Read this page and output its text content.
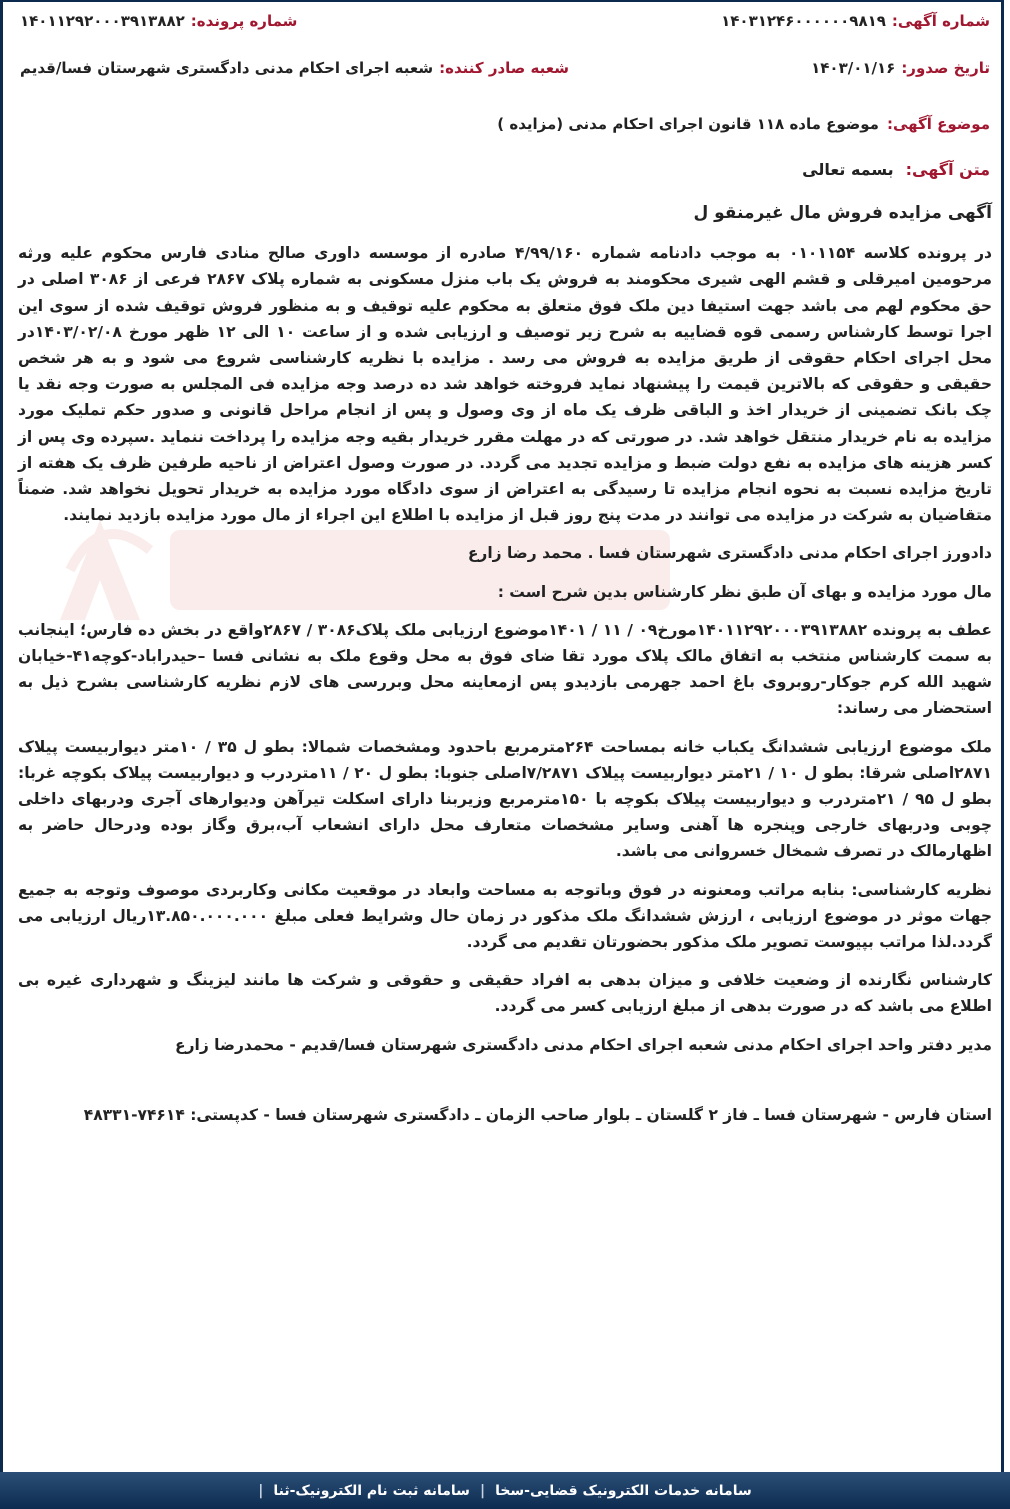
شماره آگهی:
۱۴۰۳۱۲۴۶۰۰۰۰۰۰۹۸۱۹
شماره پرونده:
۱۴۰۱۱۲۹۲۰۰۰۳۹۱۳۸۸۲
تاریخ صدور:
۱۴۰۳/۰۱/۱۶
شعبه صادر کننده:
شعبه اجرای احکام مدنی دادگستری شهرستان فسا/قدیم
موضوع آگهی:
موضوع ماده ۱۱۸ قانون اجرای احکام مدنی (مزایده )
متن آگهی:
بسمه تعالی

آگهی مزایده فروش مال غیرمنقو ل

در پرونده کلاسه ۰۱۰۱۱۵۴ به موجب دادنامه شماره ۴/۹۹/۱۶۰ صادره از موسسه داوری صالح منادی فارس محکوم علیه ورثه مرحومین امیرقلی و قشم الهی شیری محکومند به فروش یک باب منزل مسکونی به شماره پلاک ۲۸۶۷ فرعی از ۳۰۸۶ اصلی در حق محکوم لهم می باشد جهت استیفا دین ملک فوق متعلق به محکوم علیه توقیف و به منظور فروش توقیف شده از سوی این اجرا توسط کارشناس رسمی قوه قضاییه به شرح زیر توصیف و ارزیابی شده و از ساعت ۱۰ الی ۱۲ ظهر مورخ ۱۴۰۳/۰۲/۰۸در محل اجرای احکام حقوقی از طریق مزایده به فروش می رسد . مزایده با نظریه کارشناسی شروع می شود و به هر شخص حقیقی و حقوقی که بالاترین قیمت را پیشنهاد نماید فروخته خواهد شد ده درصد وجه مزایده فی المجلس به صورت وجه نقد یا چک بانک تضمینی از خریدار اخذ و الباقی ظرف یک ماه از وی وصول و پس از انجام مراحل قانونی و صدور حکم تملیک مورد مزایده به نام خریدار منتقل خواهد شد. در صورتی که در مهلت مقرر خریدار بقیه وجه مزایده را پرداخت ننماید .سپرده وی پس از کسر هزینه های مزایده به نفع دولت ضبط و مزایده تجدید می گردد. در صورت وصول اعتراض از ناحیه طرفین ظرف یک هفته از تاریخ مزایده نسبت به نحوه انجام مزایده تا رسیدگی به اعتراض از سوی دادگاه مورد مزایده به خریدار تحویل نخواهد شد. ضمناً متقاضیان به شرکت در مزایده می توانند در مدت پنج روز قبل از مزایده با اطلاع این اجراء از مال مورد مزایده بازدید نمایند.

دادورز اجرای احکام مدنی دادگستری شهرستان فسا . محمد رضا زارع

مال مورد مزایده و بهای آن طبق نظر کارشناس بدین شرح است :

عطف به پرونده ۱۴۰۱۱۲۹۲۰۰۰۳۹۱۳۸۸۲مورخ۰۹ / ۱۱ / ۱۴۰۱موضوع ارزیابی ملک پلاک۳۰۸۶ / ۲۸۶۷واقع در بخش ده فارس؛ اینجانب به سمت کارشناس منتخب به اتفاق مالک پلاک مورد تقا ضای فوق به محل وقوع ملک به نشانی فسا –حیدراباد-کوچه۴۱-خیابان شهید الله کرم جوکار-روبروی باغ احمد جهرمی بازدیدو پس ازمعاینه محل وبررسی های لازم نظریه کارشناسی بشرح ذیل به استحضار می رساند:

ملک موضوع ارزیابی ششدانگ یکباب خانه بمساحت ۲۶۴مترمربع باحدود ومشخصات شمالا: بطو ل ۳۵ / ۱۰متر دیواربیست پیلاک ۲۸۷۱اصلی شرقا: بطو ل ۱۰ / ۲۱متر دیواربیست پیلاک ۷/۲۸۷۱اصلی جنوبا: بطو ل ۲۰ / ۱۱متردرب و دیواربیست پیلاک بکوچه غربا: بطو ل ۹۵ / ۲۱متردرب و دیواربیست پیلاک بکوچه با ۱۵۰مترمربع وزیربنا دارای اسکلت تیرآهن ودیوارهای آجری ودربهای داخلی چوبی ودربهای خارجی وپنجره ها آهنی وسایر مشخصات متعارف محل دارای انشعاب آب،برق وگاز بوده ودرحال حاضر به اظهارمالک در تصرف شمخال خسروانی می باشد.

نظریه کارشناسی: بنابه مراتب ومعنونه در فوق وباتوجه به مساحت وابعاد در موقعیت مکانی وکاربردی موصوف وتوجه به جمیع جهات موثر در موضوع ارزیابی ، ارزش ششدانگ ملک مذکور در زمان حال وشرایط فعلی مبلغ ۱۳.۸۵۰.۰۰۰.۰۰۰ریال ارزیابی می گردد.لذا مراتب بپیوست تصویر ملک مذکور بحضورتان تقدیم می گردد.

کارشناس نگارنده از وضعیت خلافی و میزان بدهی به افراد حقیقی و حقوقی و شرکت ها مانند لیزینگ و شهرداری غیره بی اطلاع می باشد که در صورت بدهی از مبلغ ارزیابی کسر می گردد.

مدیر دفتر واحد اجرای احکام مدنی شعبه اجرای احکام مدنی دادگستری شهرستان فسا/قدیم - محمدرضا زارع

استان فارس - شهرستان فسا ـ فاز ۲ گلستان ـ بلوار صاحب الزمان ـ دادگستری شهرستان فسا - کدپستی: ۷۴۶۱۴-۴۸۳۳۱

سامانه خدمات الکترونیک قضایی-سخا
|
سامانه ثبت نام الکترونیک-ثنا
|
